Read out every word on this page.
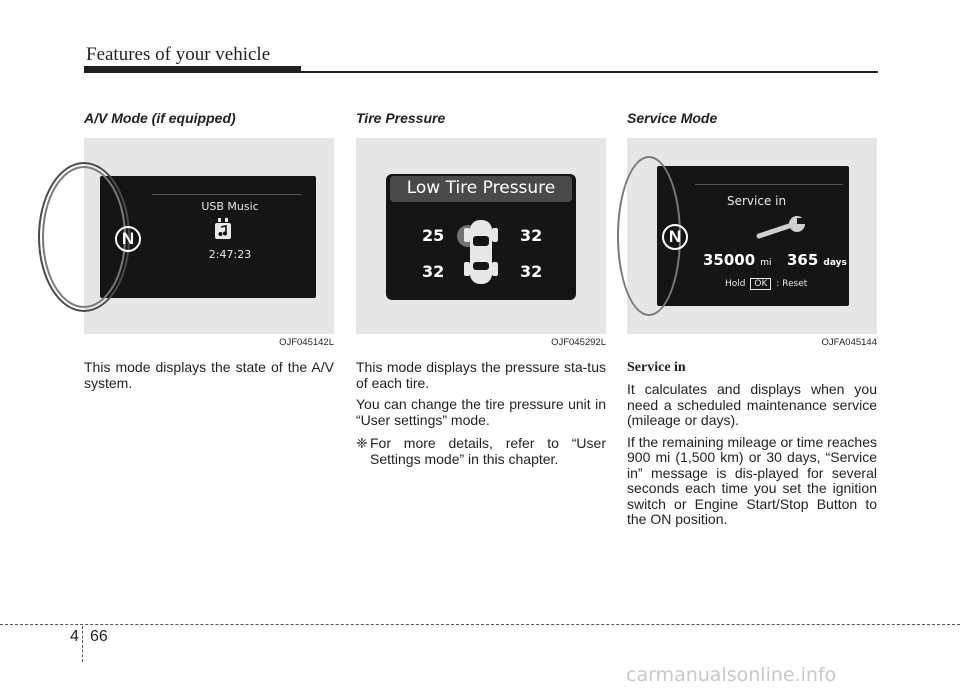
Features of your vehicle
A/V Mode (if equipped)
N
USB Music
2:47:23
OJF045142L
This mode displays the state of the A/V system.
Tire Pressure
Low Tire Pressure
25	32
32	32
OJF045292L
This mode displays the pressure sta-tus of each tire.
You can change the tire pressure unit in “User settings” mode.
❈ For more details, refer to “User Settings mode” in this chapter.
Service Mode
N
Service in
35000 mi 365 days
Hold OK : Reset
OJFA045144
Service in
It calculates and displays when you need a scheduled maintenance service (mileage or days).
If the remaining mileage or time reaches 900 mi (1,500 km) or 30 days, “Service in” message is dis-played for several seconds each time you set the ignition switch or Engine Start/Stop Button to the ON position.
4 66
carmanualsonline.info
